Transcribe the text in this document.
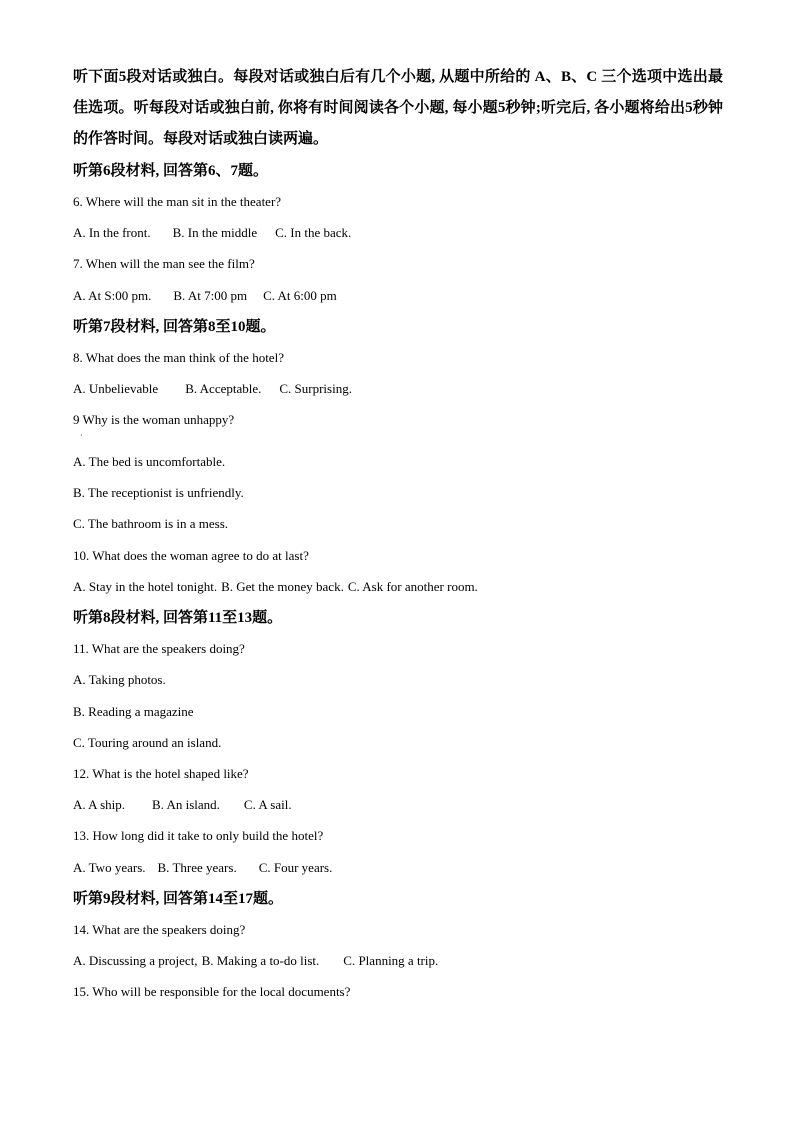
听下面5段对话或独白。每段对话或独白后有几个小题, 从题中所给的 A、B、C 三个选项中选出最佳选项。听每段对话或独白前, 你将有时间阅读各个小题, 每小题5秒钟;听完后, 各小题将给出5秒钟的作答时间。每段对话或独白读两遍。
听第6段材料, 回答第6、7题。
6. Where will the man sit in the theater?
A. In the front. B. In the middle C. In the back.
7. When will the man see the film?
A. At S:00 pm. B. At 7:00 pm C. At 6:00 pm
听第7段材料, 回答第8至10题。
8. What does the man think of the hotel?
A. Unbelievable B. Acceptable. C. Surprising.
9 Why is the woman unhappy?
·
A. The bed is uncomfortable.
B. The receptionist is unfriendly.
C. The bathroom is in a mess.
10. What does the woman agree to do at last?
A. Stay in the hotel tonight. B. Get the money back. C. Ask for another room.
听第8段材料, 回答第11至13题。
11. What are the speakers doing?
A. Taking photos.
B. Reading a magazine
C. Touring around an island.
12. What is the hotel shaped like?
A. A ship. B. An island. C. A sail.
13. How long did it take to only build the hotel?
A. Two years. B. Three years. C. Four years.
听第9段材料, 回答第14至17题。
14. What are the speakers doing?
A. Discussing a project, B. Making a to-do list. C. Planning a trip.
15. Who will be responsible for the local documents?
